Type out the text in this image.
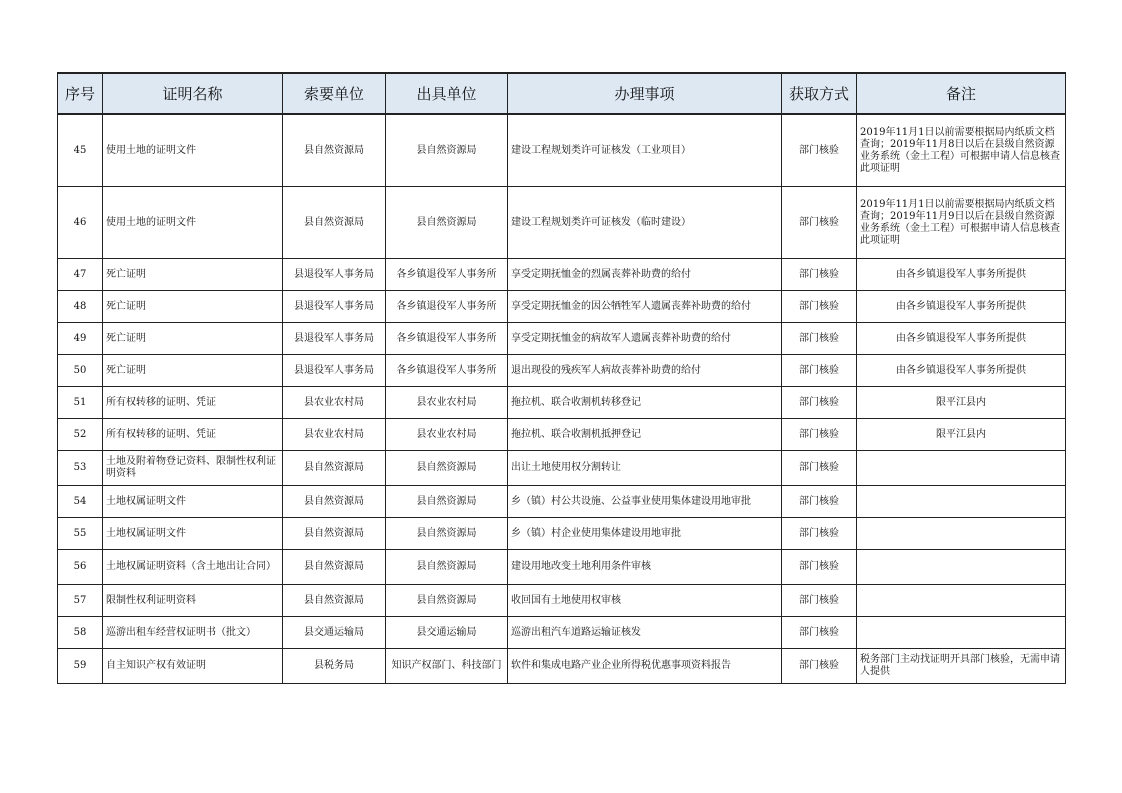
序号	证明名称	索要单位	出具单位	办理事项	获取方式	备注
45	使用土地的证明文件	县自然资源局	县自然资源局	建设工程规划类许可证核发（工业项目）	部门核验	2019年11月1日以前需要根据局内纸质文档查询；2019年11月8日以后在县级自然资源业务系统（金土工程）可根据申请人信息核查此项证明
46	使用土地的证明文件	县自然资源局	县自然资源局	建设工程规划类许可证核发（临时建设）	部门核验	2019年11月1日以前需要根据局内纸质文档查询；2019年11月9日以后在县级自然资源业务系统（金土工程）可根据申请人信息核查此项证明
47	死亡证明	县退役军人事务局	各乡镇退役军人事务所	享受定期抚恤金的烈属丧葬补助费的给付	部门核验	由各乡镇退役军人事务所提供
48	死亡证明	县退役军人事务局	各乡镇退役军人事务所	享受定期抚恤金的因公牺牲军人遗属丧葬补助费的给付	部门核验	由各乡镇退役军人事务所提供
49	死亡证明	县退役军人事务局	各乡镇退役军人事务所	享受定期抚恤金的病故军人遗属丧葬补助费的给付	部门核验	由各乡镇退役军人事务所提供
50	死亡证明	县退役军人事务局	各乡镇退役军人事务所	退出现役的残疾军人病故丧葬补助费的给付	部门核验	由各乡镇退役军人事务所提供
51	所有权转移的证明、凭证	县农业农村局	县农业农村局	拖拉机、联合收割机转移登记	部门核验	限平江县内
52	所有权转移的证明、凭证	县农业农村局	县农业农村局	拖拉机、联合收割机抵押登记	部门核验	限平江县内
53	土地及附着物登记资料、限制性权利证明资料	县自然资源局	县自然资源局	出让土地使用权分割转让	部门核验	
54	土地权属证明文件	县自然资源局	县自然资源局	乡（镇）村公共设施、公益事业使用集体建设用地审批	部门核验	
55	土地权属证明文件	县自然资源局	县自然资源局	乡（镇）村企业使用集体建设用地审批	部门核验	
56	土地权属证明资料（含土地出让合同）	县自然资源局	县自然资源局	建设用地改变土地利用条件审核	部门核验	
57	限制性权利证明资料	县自然资源局	县自然资源局	收回国有土地使用权审核	部门核验	
58	巡游出租车经营权证明书（批文）	县交通运输局	县交通运输局	巡游出租汽车道路运输证核发	部门核验	
59	自主知识产权有效证明	县税务局	知识产权部门、科技部门	软件和集成电路产业企业所得税优惠事项资料报告	部门核验	税务部门主动找证明开具部门核验，无需申请人提供
